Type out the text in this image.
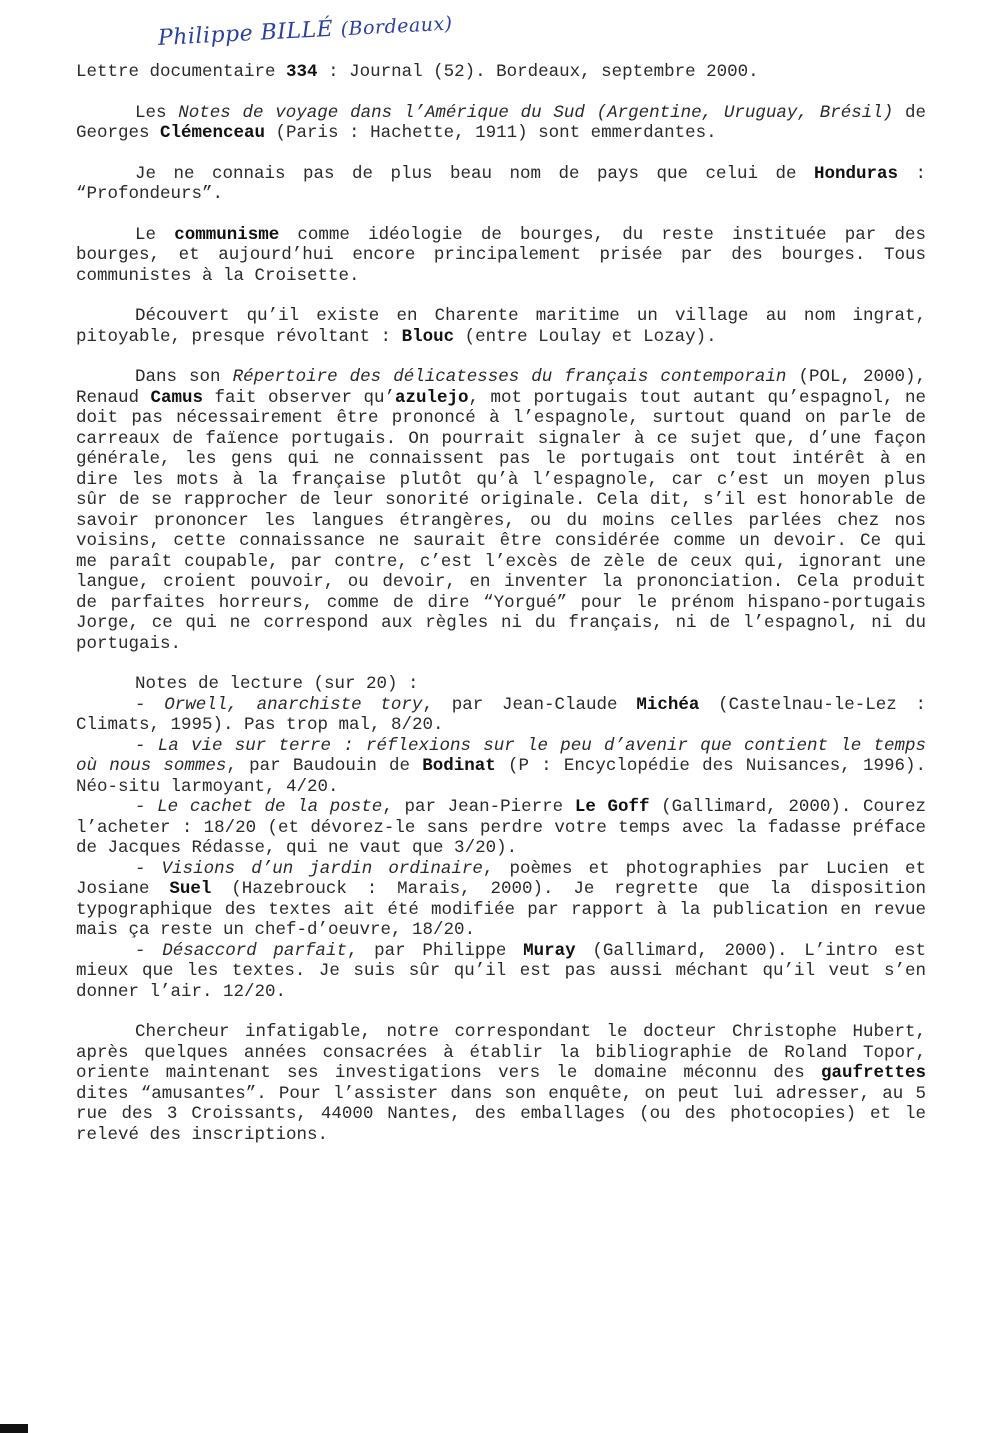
Philippe BILLÉ (Bordeaux)

Lettre documentaire 334 : Journal (52). Bordeaux, septembre 2000.

Les Notes de voyage dans l’Amérique du Sud (Argentine, Uruguay, Brésil) de Georges Clémenceau (Paris : Hachette, 1911) sont emmerdantes.

Je ne connais pas de plus beau nom de pays que celui de Honduras : “Profondeurs”.

Le communisme comme idéologie de bourges, du reste instituée par des bourges, et aujourd’hui encore principalement prisée par des bourges. Tous communistes à la Croisette.

Découvert qu’il existe en Charente maritime un village au nom ingrat, pitoyable, presque révoltant : Blouc (entre Loulay et Lozay).

Dans son Répertoire des délicatesses du français contemporain (POL, 2000), Renaud Camus fait observer qu’azulejo, mot portugais tout autant qu’espagnol, ne doit pas nécessairement être prononcé à l’espagnole, surtout quand on parle de carreaux de faïence portugais. On pourrait signaler à ce sujet que, d’une façon générale, les gens qui ne connaissent pas le portugais ont tout intérêt à en dire les mots à la française plutôt qu’à l’espagnole, car c’est un moyen plus sûr de se rapprocher de leur sonorité originale. Cela dit, s’il est honorable de savoir prononcer les langues étrangères, ou du moins celles parlées chez nos voisins, cette connaissance ne saurait être considérée comme un devoir. Ce qui me paraît coupable, par contre, c’est l’excès de zèle de ceux qui, ignorant une langue, croient pouvoir, ou devoir, en inventer la prononciation. Cela produit de parfaites horreurs, comme de dire “Yorgué” pour le prénom hispano-portugais Jorge, ce qui ne correspond aux règles ni du français, ni de l’espagnol, ni du portugais.

Notes de lecture (sur 20) :

- Orwell, anarchiste tory, par Jean-Claude Michéa (Castelnau-le-Lez : Climats, 1995). Pas trop mal, 8/20.

- La vie sur terre : réflexions sur le peu d’avenir que contient le temps où nous sommes, par Baudouin de Bodinat (P : Encyclopédie des Nuisances, 1996). Néo-situ larmoyant, 4/20.

- Le cachet de la poste, par Jean-Pierre Le Goff (Gallimard, 2000). Courez l’acheter : 18/20 (et dévorez-le sans perdre votre temps avec la fadasse préface de Jacques Rédasse, qui ne vaut que 3/20).

- Visions d’un jardin ordinaire, poèmes et photographies par Lucien et Josiane Suel (Hazebrouck : Marais, 2000). Je regrette que la disposition typographique des textes ait été modifiée par rapport à la publication en revue mais ça reste un chef-d’oeuvre, 18/20.

- Désaccord parfait, par Philippe Muray (Gallimard, 2000). L’intro est mieux que les textes. Je suis sûr qu’il est pas aussi méchant qu’il veut s’en donner l’air. 12/20.

Chercheur infatigable, notre correspondant le docteur Christophe Hubert, après quelques années consacrées à établir la bibliographie de Roland Topor, oriente maintenant ses investigations vers le domaine méconnu des gaufrettes dites “amusantes”. Pour l’assister dans son enquête, on peut lui adresser, au 5 rue des 3 Croissants, 44000 Nantes, des emballages (ou des photocopies) et le relevé des inscriptions.
